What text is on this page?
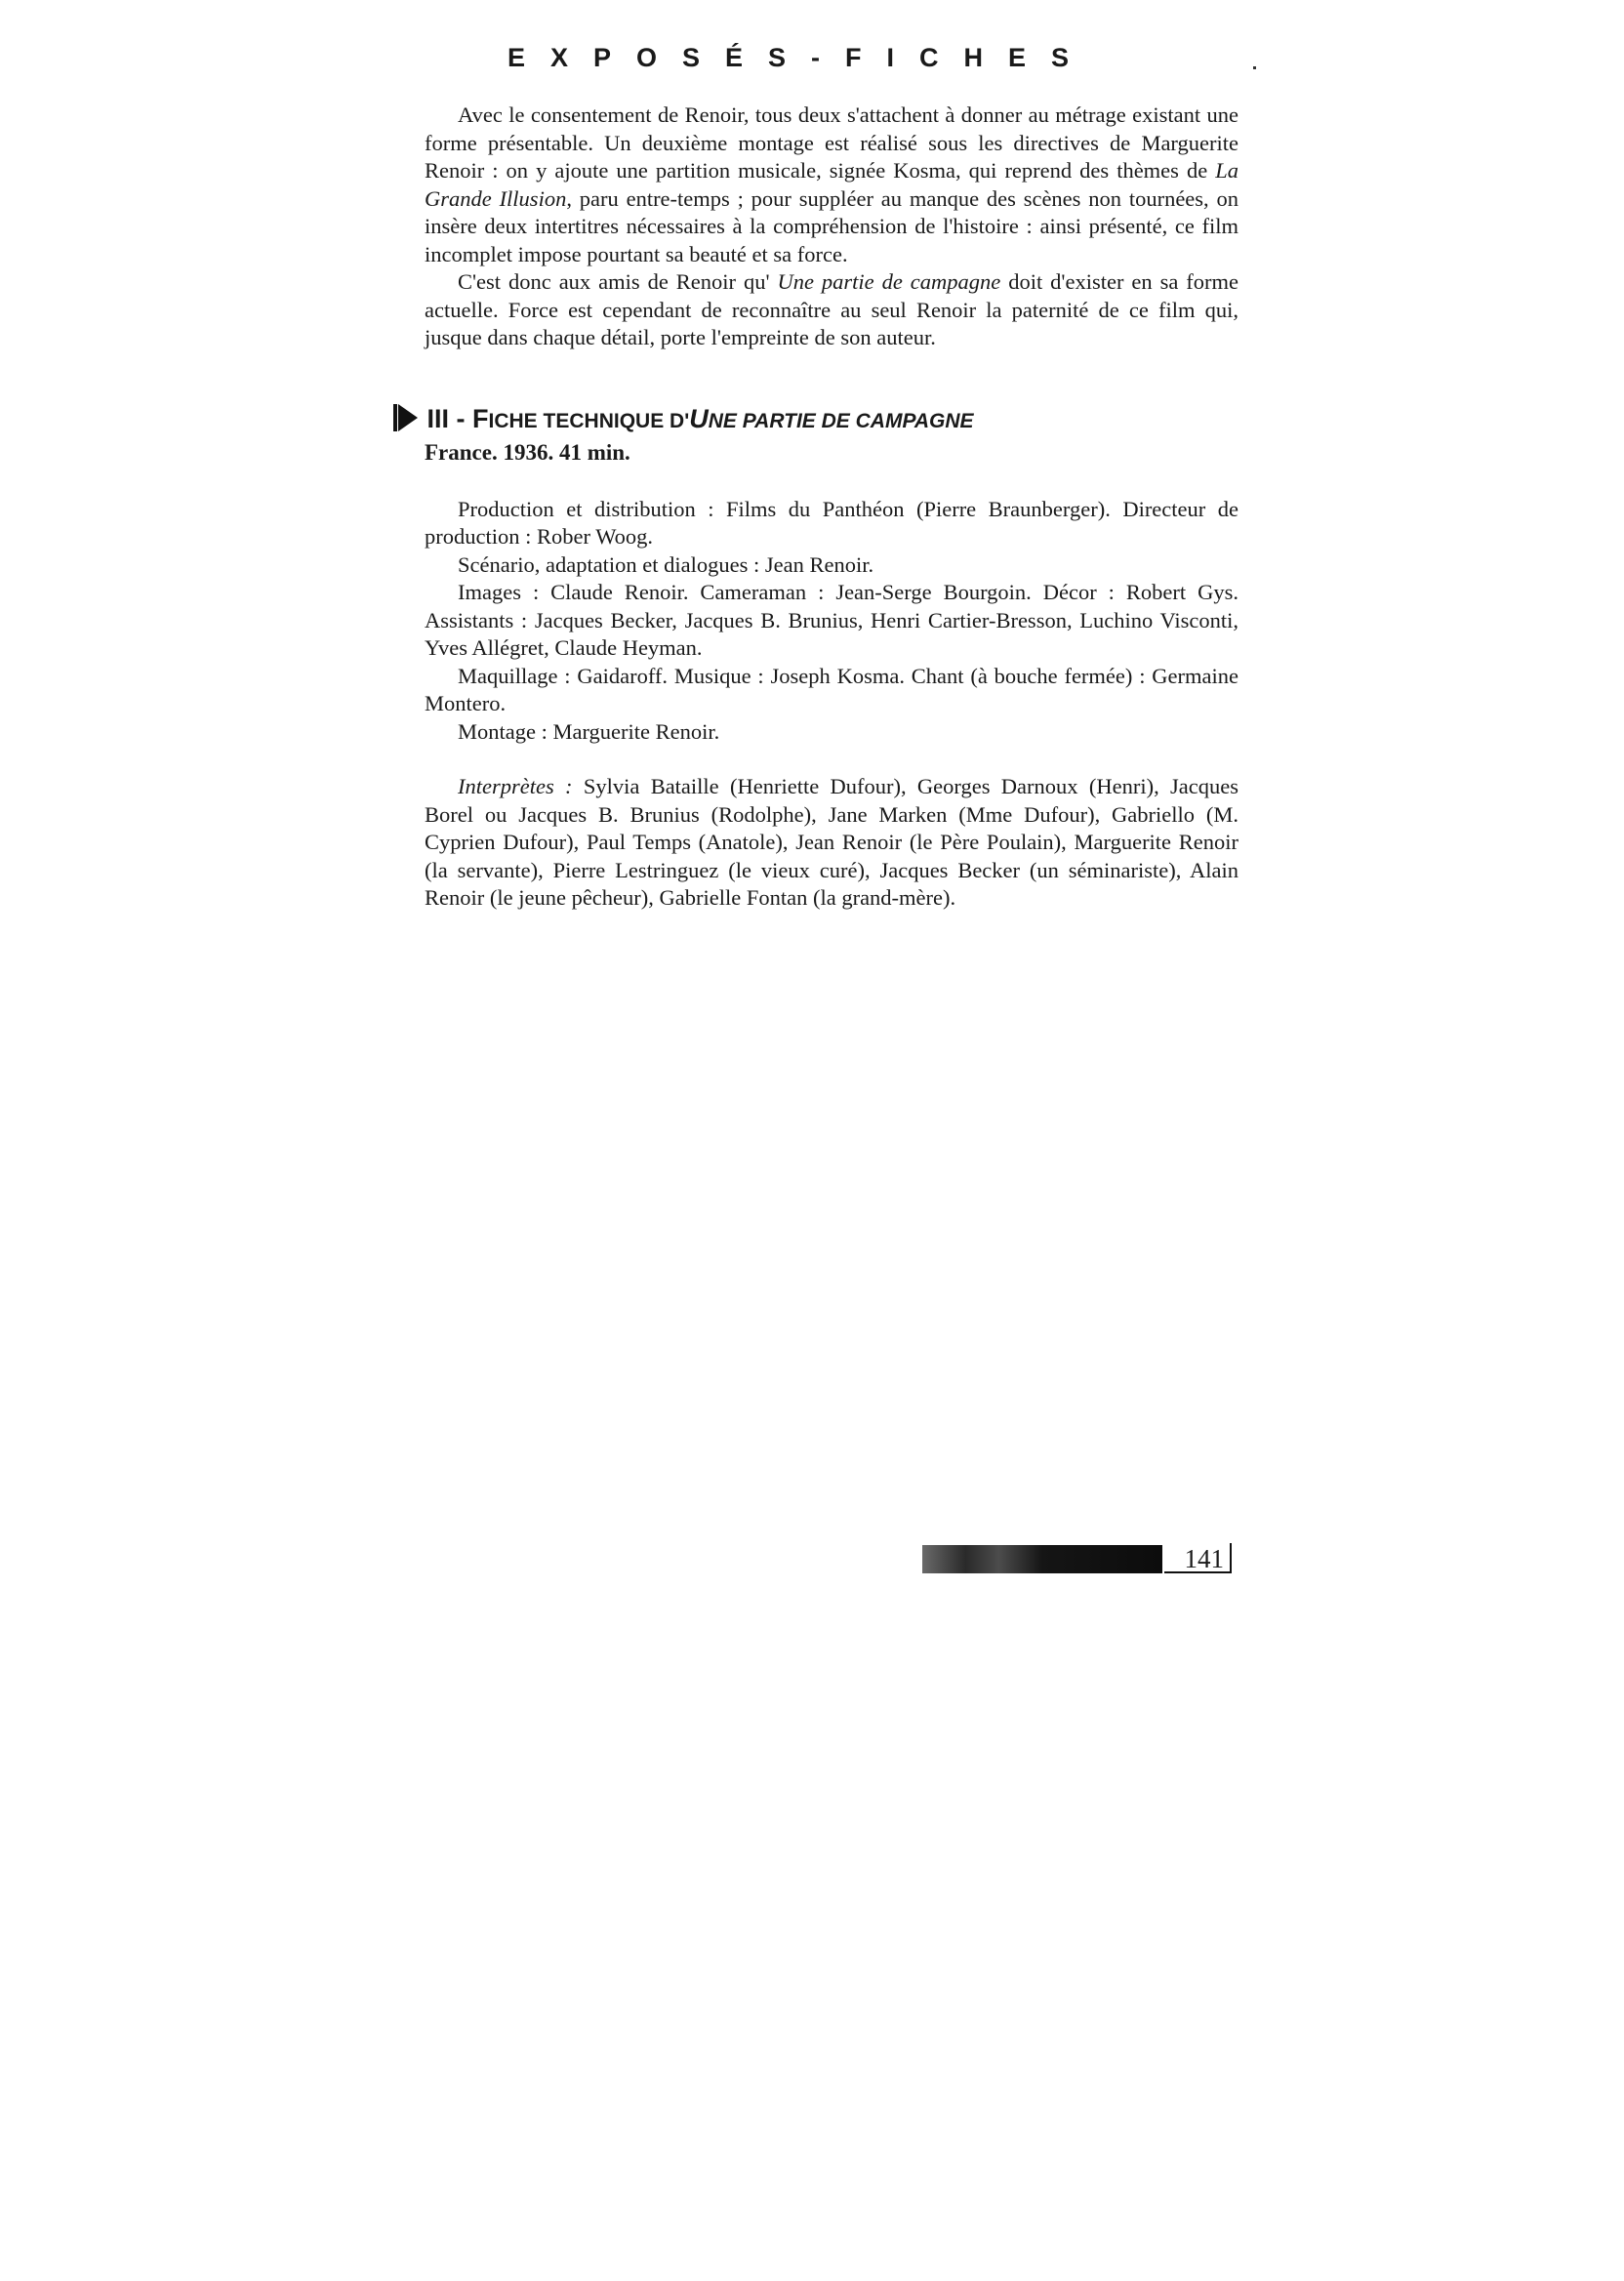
EXPOSÉS-FICHES

Avec le consentement de Renoir, tous deux s'attachent à donner au métrage existant une forme présentable. Un deuxième montage est réalisé sous les directives de Marguerite Renoir : on y ajoute une partition musicale, signée Kosma, qui reprend des thèmes de La Grande Illusion, paru entre-temps ; pour suppléer au manque des scènes non tournées, on insère deux intertitres nécessaires à la compréhension de l'histoire : ainsi présenté, ce film incomplet impose pourtant sa beauté et sa force.

C'est donc aux amis de Renoir qu' Une partie de campagne doit d'exister en sa forme actuelle. Force est cependant de reconnaître au seul Renoir la paternité de ce film qui, jusque dans chaque détail, porte l'empreinte de son auteur.

III - FICHE TECHNIQUE D'UNE PARTIE DE CAMPAGNE
France. 1936. 41 min.

Production et distribution : Films du Panthéon (Pierre Braunberger). Directeur de production : Rober Woog.

Scénario, adaptation et dialogues : Jean Renoir.

Images : Claude Renoir. Cameraman : Jean-Serge Bourgoin. Décor : Robert Gys. Assistants : Jacques Becker, Jacques B. Brunius, Henri Cartier-Bresson, Luchino Visconti, Yves Allégret, Claude Heyman.

Maquillage : Gaidaroff. Musique : Joseph Kosma. Chant (à bouche fermée) : Germaine Montero.

Montage : Marguerite Renoir.

Interprètes : Sylvia Bataille (Henriette Dufour), Georges Darnoux (Henri), Jacques Borel ou Jacques B. Brunius (Rodolphe), Jane Marken (Mme Dufour), Gabriello (M. Cyprien Dufour), Paul Temps (Anatole), Jean Renoir (le Père Poulain), Marguerite Renoir (la servante), Pierre Lestringuez (le vieux curé), Jacques Becker (un séminariste), Alain Renoir (le jeune pêcheur), Gabrielle Fontan (la grand-mère).

141
